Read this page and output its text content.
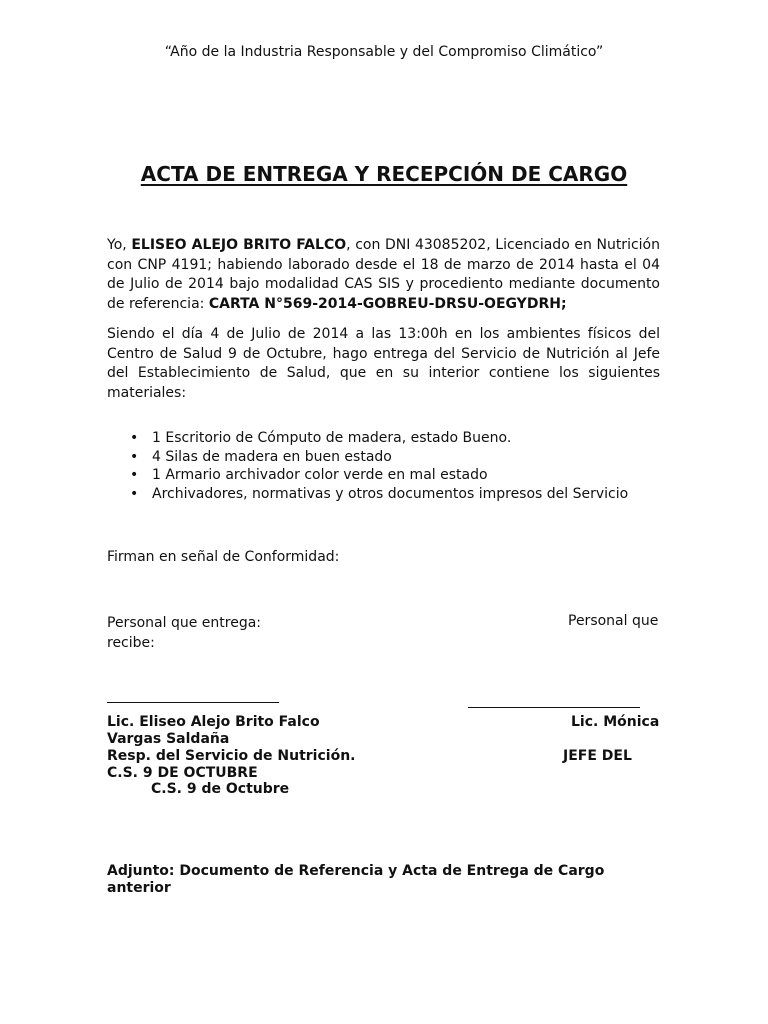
“Año de la Industria Responsable y del Compromiso Climático”
ACTA DE ENTREGA Y RECEPCIÓN DE CARGO
Yo, ELISEO ALEJO BRITO FALCO, con DNI 43085202, Licenciado en Nutrición con CNP 4191; habiendo laborado desde el 18 de marzo de 2014 hasta el 04 de Julio de 2014 bajo modalidad CAS SIS y procediento mediante documento de referencia: CARTA N°569-2014-GOBREU-DRSU-OEGYDRH;
Siendo el día 4 de Julio de 2014 a las 13:00h en los ambientes físicos del Centro de Salud 9 de Octubre, hago entrega del Servicio de Nutrición al Jefe del Establecimiento de Salud, que en su interior contiene los siguientes materiales:
• 1 Escritorio de Cómputo de madera, estado Bueno.
• 4 Silas de madera en buen estado
• 1 Armario archivador color verde en mal estado
• Archivadores, normativas y otros documentos impresos del Servicio
Firman en señal de Conformidad:
Personal que entrega:
recibe:
Personal que
Lic. Eliseo Alejo Brito Falco	Lic. Mónica
Vargas Saldaña
Resp. del Servicio de Nutrición.	JEFE DEL
C.S. 9 DE OCTUBRE
C.S. 9 de Octubre
Adjunto: Documento de Referencia y Acta de Entrega de Cargo anterior
